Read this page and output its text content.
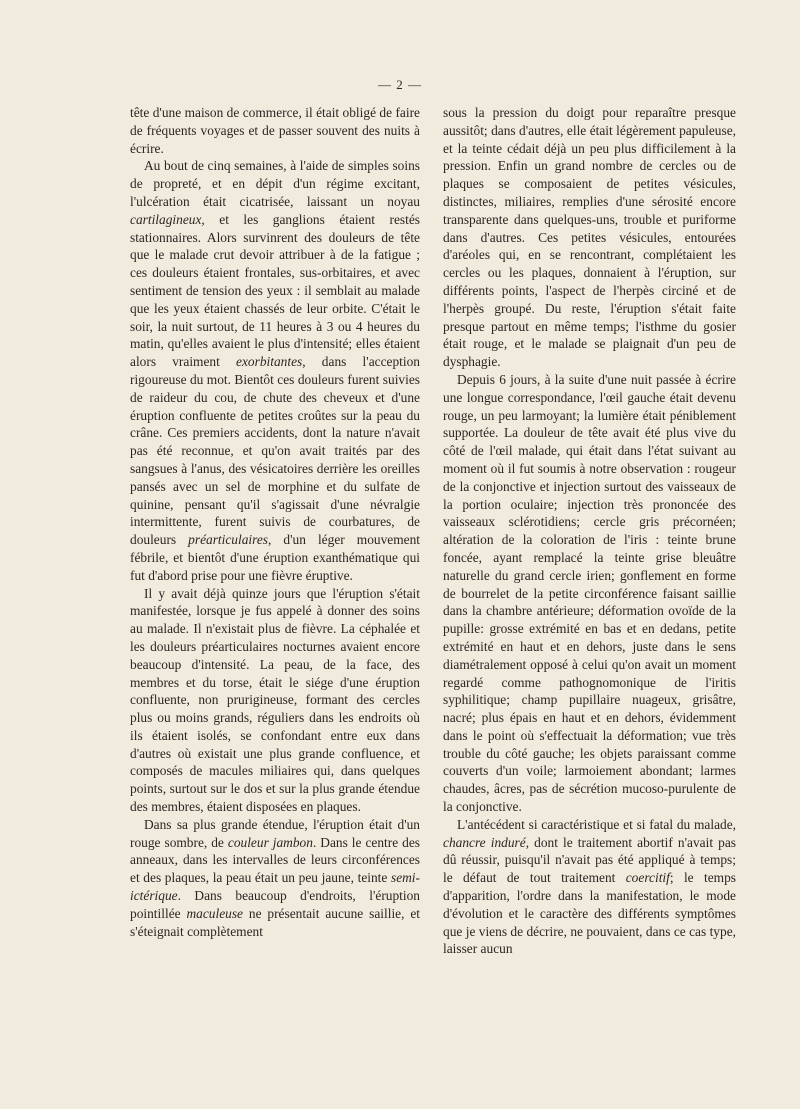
— 2 —

tête d'une maison de commerce, il était obligé de faire de fréquents voyages et de passer souvent des nuits à écrire.

Au bout de cinq semaines, à l'aide de simples soins de propreté, et en dépit d'un régime excitant, l'ulcération était cicatrisée, laissant un noyau cartilagineux, et les ganglions étaient restés stationnaires. Alors survinrent des douleurs de tête que le malade crut devoir attribuer à de la fatigue ; ces douleurs étaient frontales, sus-orbitaires, et avec sentiment de tension des yeux : il semblait au malade que les yeux étaient chassés de leur orbite. C'était le soir, la nuit surtout, de 11 heures à 3 ou 4 heures du matin, qu'elles avaient le plus d'intensité; elles étaient alors vraiment exorbitantes, dans l'acception rigoureuse du mot. Bientôt ces douleurs furent suivies de raideur du cou, de chute des cheveux et d'une éruption confluente de petites croûtes sur la peau du crâne. Ces premiers accidents, dont la nature n'avait pas été reconnue, et qu'on avait traités par des sangsues à l'anus, des vésicatoires derrière les oreilles pansés avec un sel de morphine et du sulfate de quinine, pensant qu'il s'agissait d'une névralgie intermittente, furent suivis de courbatures, de douleurs préarticulaires, d'un léger mouvement fébrile, et bientôt d'une éruption exanthématique qui fut d'abord prise pour une fièvre éruptive.

Il y avait déjà quinze jours que l'éruption s'était manifestée, lorsque je fus appelé à donner des soins au malade. Il n'existait plus de fièvre. La céphalée et les douleurs préarticulaires nocturnes avaient encore beaucoup d'intensité. La peau, de la face, des membres et du torse, était le siége d'une éruption confluente, non prurigineuse, formant des cercles plus ou moins grands, réguliers dans les endroits où ils étaient isolés, se confondant entre eux dans d'autres où existait une plus grande confluence, et composés de macules miliaires qui, dans quelques points, surtout sur le dos et sur la plus grande étendue des membres, étaient disposées en plaques.

Dans sa plus grande étendue, l'éruption était d'un rouge sombre, de couleur jambon. Dans le centre des anneaux, dans les intervalles de leurs circonférences et des plaques, la peau était un peu jaune, teinte semi-ictérique. Dans beaucoup d'endroits, l'éruption pointillée maculeuse ne présentait aucune saillie, et s'éteignait complètement

sous la pression du doigt pour reparaître presque aussitôt; dans d'autres, elle était légèrement papuleuse, et la teinte cédait déjà un peu plus difficilement à la pression. Enfin un grand nombre de cercles ou de plaques se composaient de petites vésicules, distinctes, miliaires, remplies d'une sérosité encore transparente dans quelques-uns, trouble et puriforme dans d'autres. Ces petites vésicules, entourées d'aréoles qui, en se rencontrant, complétaient les cercles ou les plaques, donnaient à l'éruption, sur différents points, l'aspect de l'herpès circiné et de l'herpès groupé. Du reste, l'éruption s'était faite presque partout en même temps; l'isthme du gosier était rouge, et le malade se plaignait d'un peu de dysphagie.

Depuis 6 jours, à la suite d'une nuit passée à écrire une longue correspondance, l'œil gauche était devenu rouge, un peu larmoyant; la lumière était péniblement supportée. La douleur de tête avait été plus vive du côté de l'œil malade, qui était dans l'état suivant au moment où il fut soumis à notre observation : rougeur de la conjonctive et injection surtout des vaisseaux de la portion oculaire; injection très prononcée des vaisseaux sclérotidiens; cercle gris précornéen; altération de la coloration de l'iris : teinte brune foncée, ayant remplacé la teinte grise bleuâtre naturelle du grand cercle irien; gonflement en forme de bourrelet de la petite circonférence faisant saillie dans la chambre antérieure; déformation ovoïde de la pupille: grosse extrémité en bas et en dedans, petite extrémité en haut et en dehors, juste dans le sens diamétralement opposé à celui qu'on avait un moment regardé comme pathognomonique de l'iritis syphilitique; champ pupillaire nuageux, grisâtre, nacré; plus épais en haut et en dehors, évidemment dans le point où s'effectuait la déformation; vue très trouble du côté gauche; les objets paraissant comme couverts d'un voile; larmoiement abondant; larmes chaudes, âcres, pas de sécrétion mucoso-purulente de la conjonctive.

L'antécédent si caractéristique et si fatal du malade, chancre induré, dont le traitement abortif n'avait pas dû réussir, puisqu'il n'avait pas été appliqué à temps; le défaut de tout traitement coercitif; le temps d'apparition, l'ordre dans la manifestation, le mode d'évolution et le caractère des différents symptômes que je viens de décrire, ne pouvaient, dans ce cas type, laisser aucun
